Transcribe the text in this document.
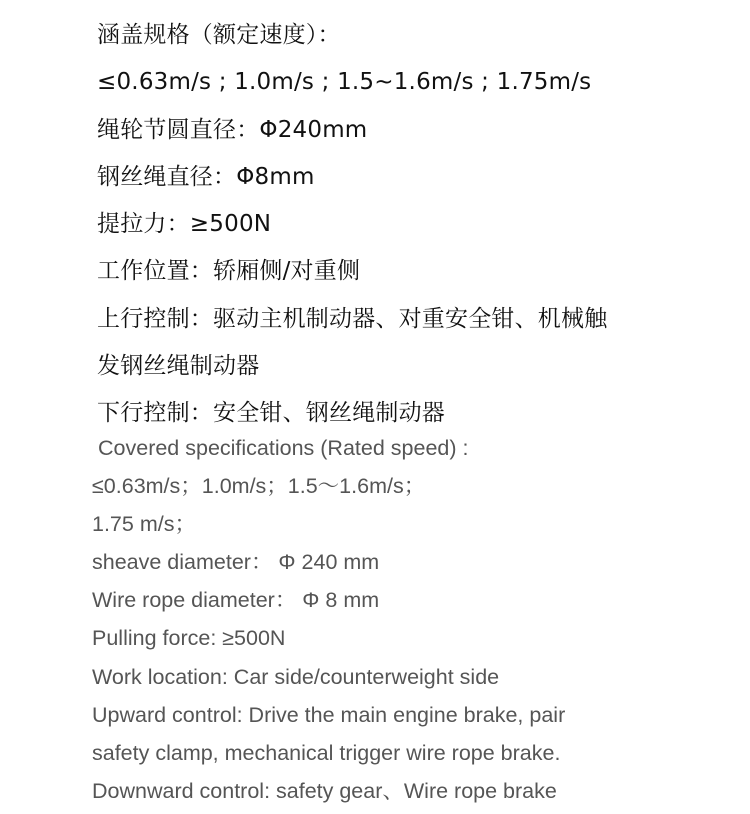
涵盖规格（额定速度）：
≤0.63m/s ; 1.0m/s ; 1.5~1.6m/s ; 1.75m/s
绳轮节圆直径：Φ240mm
钢丝绳直径：Φ8mm
提拉力：≥500N
工作位置：轿厢侧/对重侧
上行控制：驱动主机制动器、对重安全钳、机械触
发钢丝绳制动器
下行控制：安全钳、钢丝绳制动器
Covered specifications (Rated speed) :
≤0.63m/s；1.0m/s；1.5～1.6m/s；
1.75 m/s；
sheave diameter： Φ 240 mm
Wire rope diameter： Φ 8 mm
Pulling force: ≥500N
Work location: Car side/counterweight side
Upward control: Drive the main engine brake, pair
safety clamp, mechanical trigger wire rope brake.
Downward control: safety gear、Wire rope brake
